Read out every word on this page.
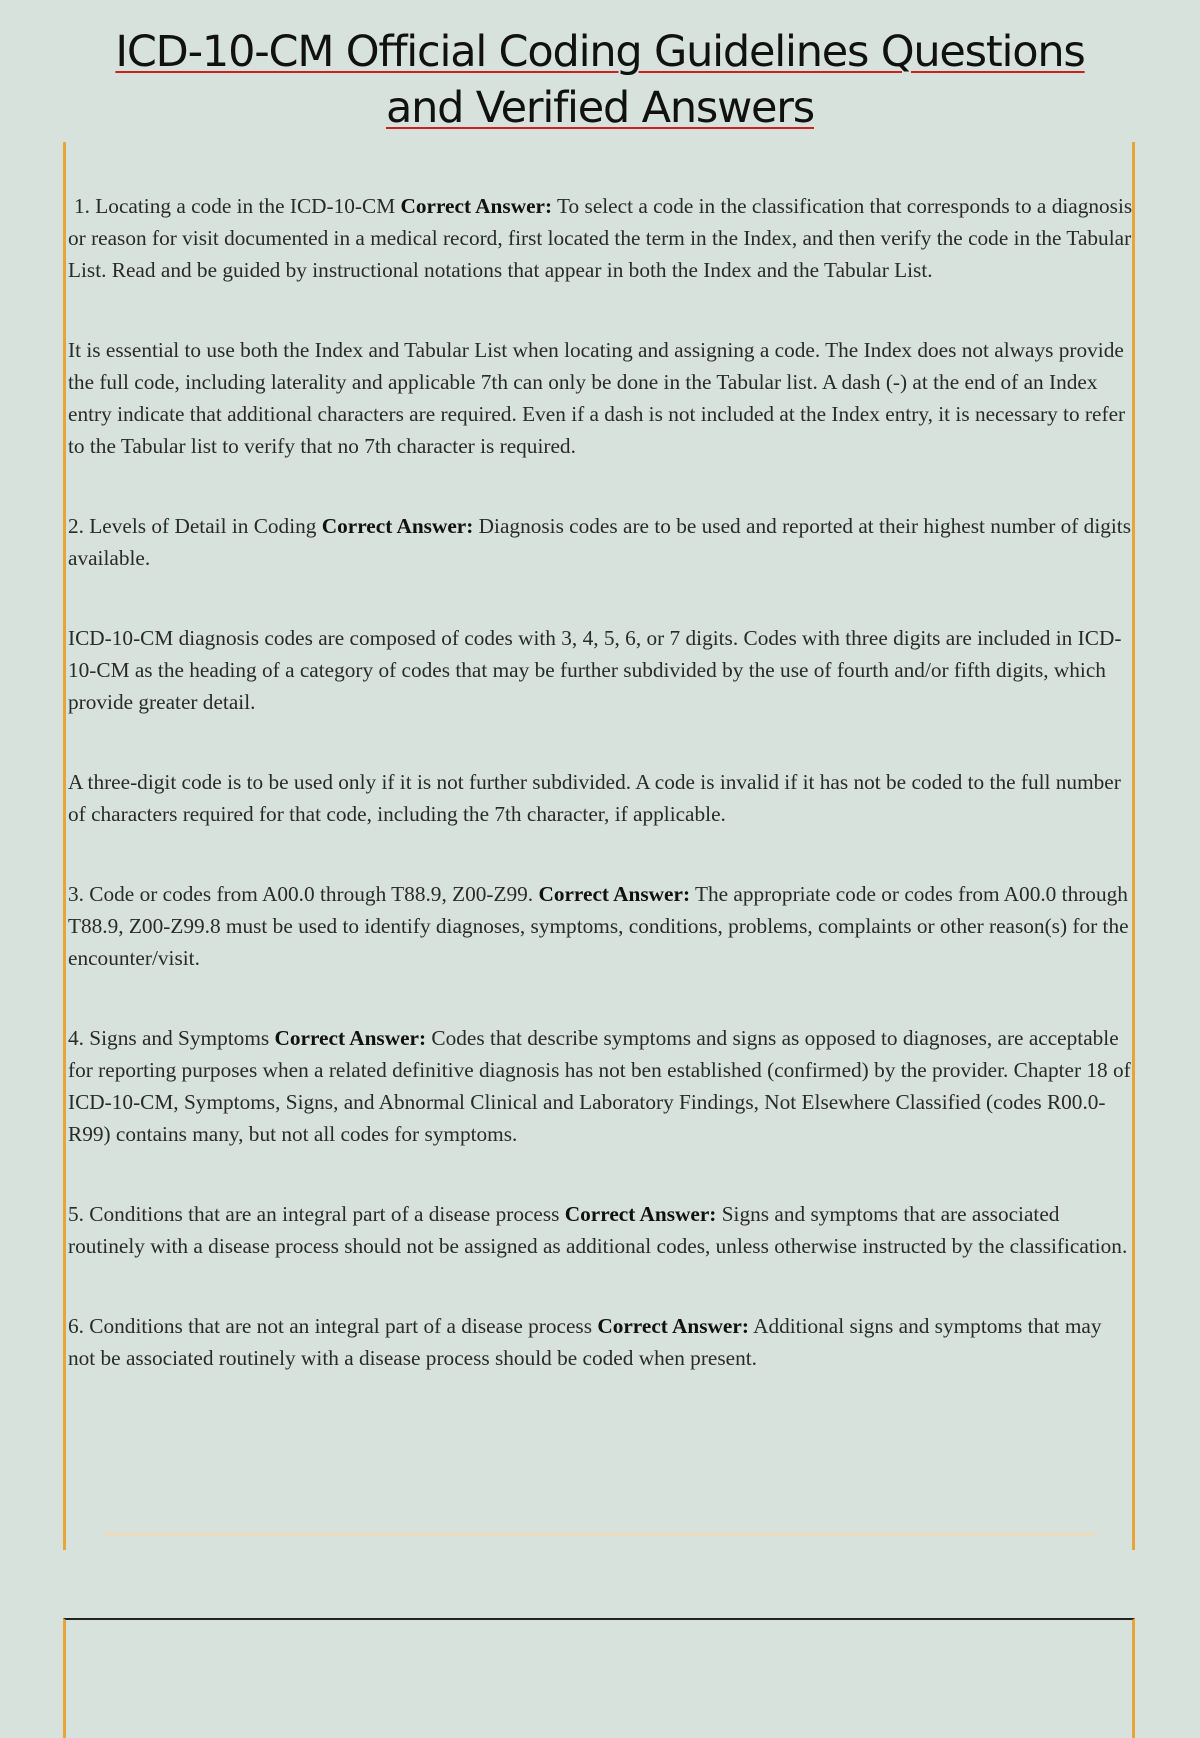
ICD-10-CM Official Coding Guidelines Questions
and Verified Answers

1. Locating a code in the ICD-10-CM Correct Answer: To select a code in the classification that corresponds to a diagnosis or reason for visit documented in a medical record, first located the term in the Index, and then verify the code in the Tabular List. Read and be guided by instructional notations that appear in both the Index and the Tabular List.

It is essential to use both the Index and Tabular List when locating and assigning a code. The Index does not always provide the full code, including laterality and applicable 7th can only be done in the Tabular list. A dash (-) at the end of an Index entry indicate that additional characters are required. Even if a dash is not included at the Index entry, it is necessary to refer to the Tabular list to verify that no 7th character is required.

2. Levels of Detail in Coding Correct Answer: Diagnosis codes are to be used and reported at their highest number of digits available.

ICD-10-CM diagnosis codes are composed of codes with 3, 4, 5, 6, or 7 digits. Codes with three digits are included in ICD-10-CM as the heading of a category of codes that may be further subdivided by the use of fourth and/or fifth digits, which provide greater detail.

A three-digit code is to be used only if it is not further subdivided. A code is invalid if it has not be coded to the full number of characters required for that code, including the 7th character, if applicable.

3. Code or codes from A00.0 through T88.9, Z00-Z99. Correct Answer: The appropriate code or codes from A00.0 through T88.9, Z00-Z99.8 must be used to identify diagnoses, symptoms, conditions, problems, complaints or other reason(s) for the encounter/visit.

4. Signs and Symptoms Correct Answer: Codes that describe symptoms and signs as opposed to diagnoses, are acceptable for reporting purposes when a related definitive diagnosis has not ben established (confirmed) by the provider. Chapter 18 of ICD-10-CM, Symptoms, Signs, and Abnormal Clinical and Laboratory Findings, Not Elsewhere Classified (codes R00.0-R99) contains many, but not all codes for symptoms.

5. Conditions that are an integral part of a disease process Correct Answer: Signs and symptoms that are associated routinely with a disease process should not be assigned as additional codes, unless otherwise instructed by the classification.

6. Conditions that are not an integral part of a disease process Correct Answer: Additional signs and symptoms that may not be associated routinely with a disease process should be coded when present.
